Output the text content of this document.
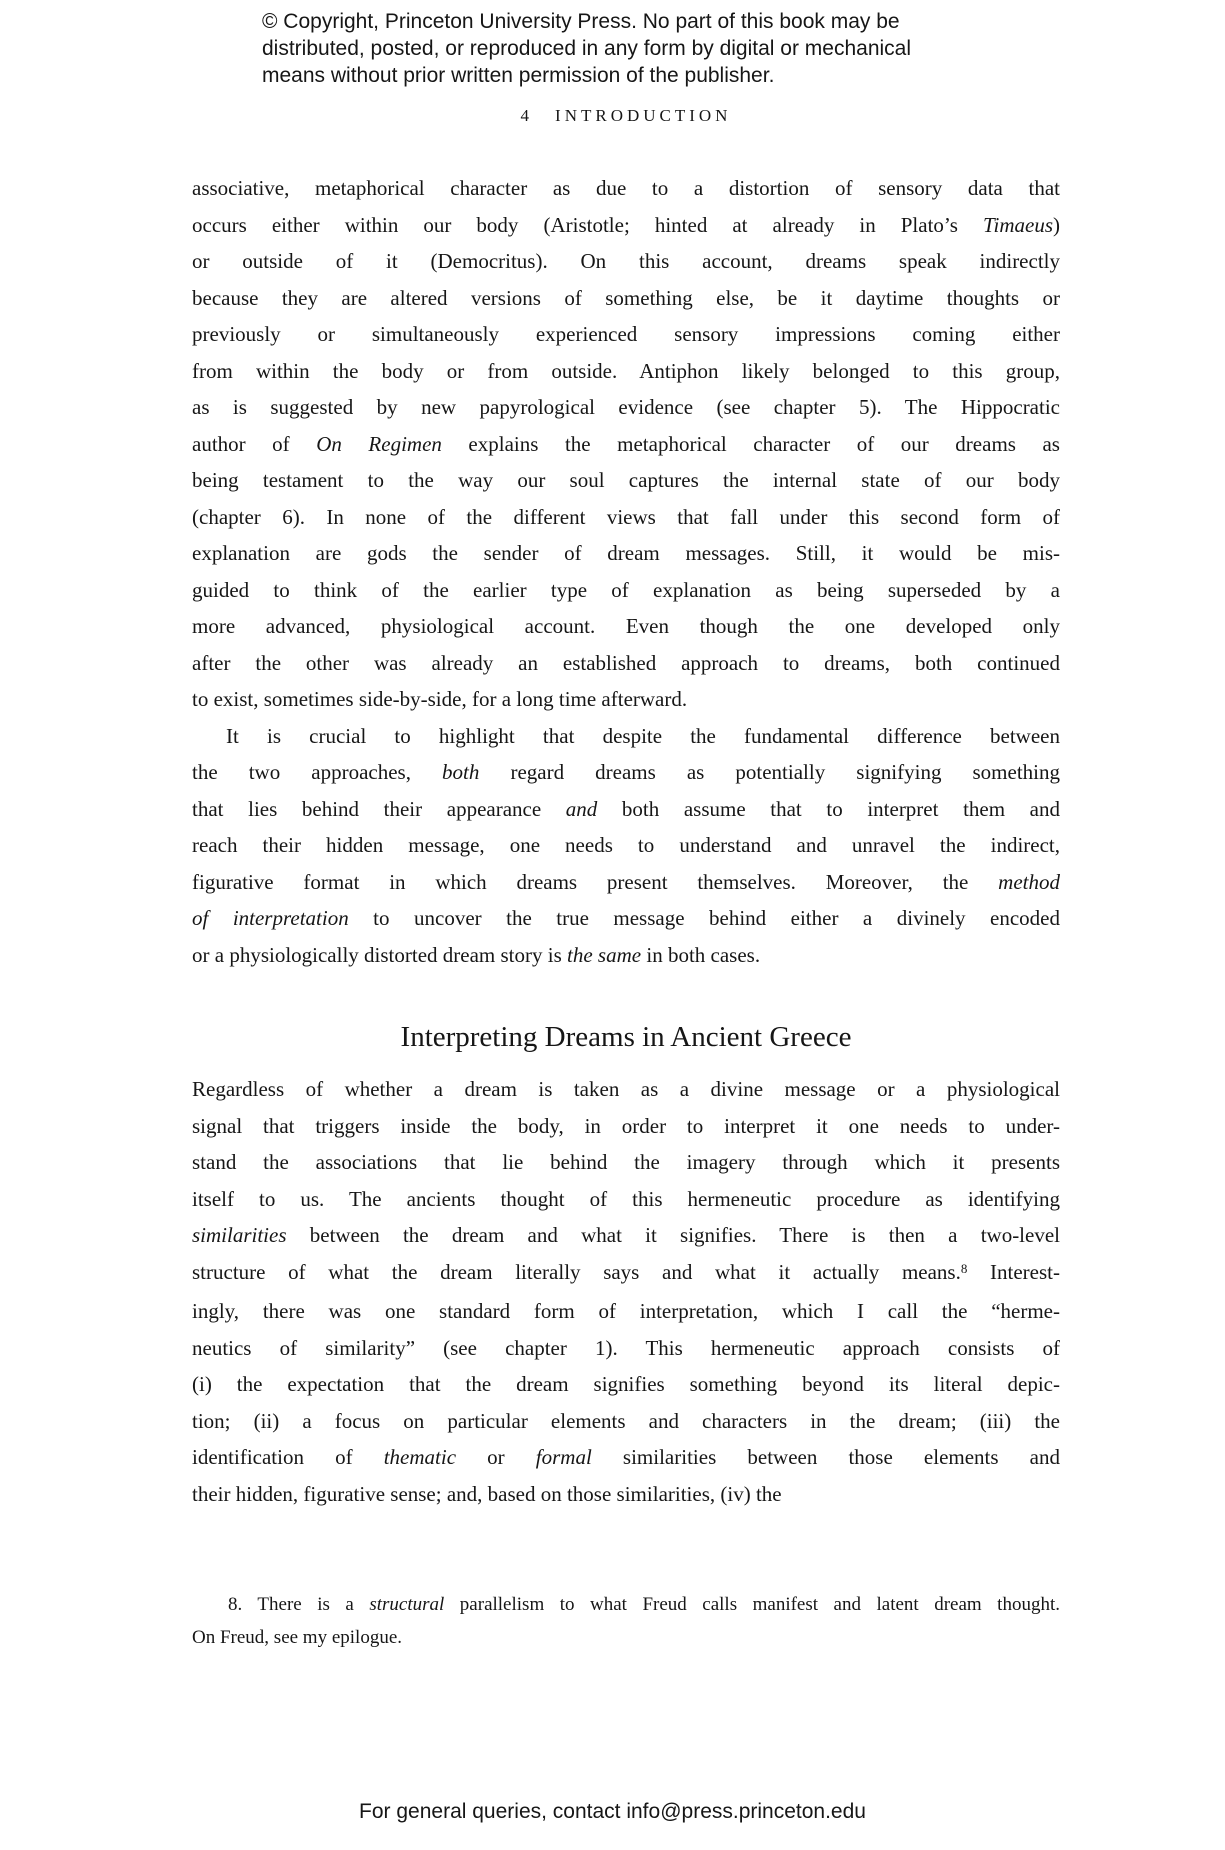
© Copyright, Princeton University Press. No part of this book may be
distributed, posted, or reproduced in any form by digital or mechanical
means without prior written permission of the publisher.
4 INTRODUCTION
associative, metaphorical character as due to a distortion of sensory data that
occurs either within our body (Aristotle; hinted at already in Plato’s Timaeus)
or outside of it (Democritus). On this account, dreams speak indirectly
because they are altered versions of something else, be it daytime thoughts or
previously or simultaneously experienced sensory impressions coming either
from within the body or from outside. Antiphon likely belonged to this group,
as is suggested by new papyrological evidence (see chapter 5). The Hippocratic
author of On Regimen explains the metaphorical character of our dreams as
being testament to the way our soul captures the internal state of our body
(chapter 6). In none of the different views that fall under this second form of
explanation are gods the sender of dream messages. Still, it would be mis-
guided to think of the earlier type of explanation as being superseded by a
more advanced, physiological account. Even though the one developed only
after the other was already an established approach to dreams, both continued
to exist, sometimes side-by-side, for a long time afterward.
It is crucial to highlight that despite the fundamental difference between
the two approaches, both regard dreams as potentially signifying something
that lies behind their appearance and both assume that to interpret them and
reach their hidden message, one needs to understand and unravel the indirect,
figurative format in which dreams present themselves. Moreover, the method
of interpretation to uncover the true message behind either a divinely encoded
or a physiologically distorted dream story is the same in both cases.
Interpreting Dreams in Ancient Greece
Regardless of whether a dream is taken as a divine message or a physiological
signal that triggers inside the body, in order to interpret it one needs to under-
stand the associations that lie behind the imagery through which it presents
itself to us. The ancients thought of this hermeneutic procedure as identifying
similarities between the dream and what it signifies. There is then a two-level
structure of what the dream literally says and what it actually means.$^8$ Interest-
ingly, there was one standard form of interpretation, which I call the “herme-
neutics of similarity” (see chapter 1). This hermeneutic approach consists of
(i) the expectation that the dream signifies something beyond its literal depic-
tion; (ii) a focus on particular elements and characters in the dream; (iii) the
identification of thematic or formal similarities between those elements and
their hidden, figurative sense; and, based on those similarities, (iv) the
8. There is a structural parallelism to what Freud calls manifest and latent dream thought.
On Freud, see my epilogue.
For general queries, contact info@press.princeton.edu
